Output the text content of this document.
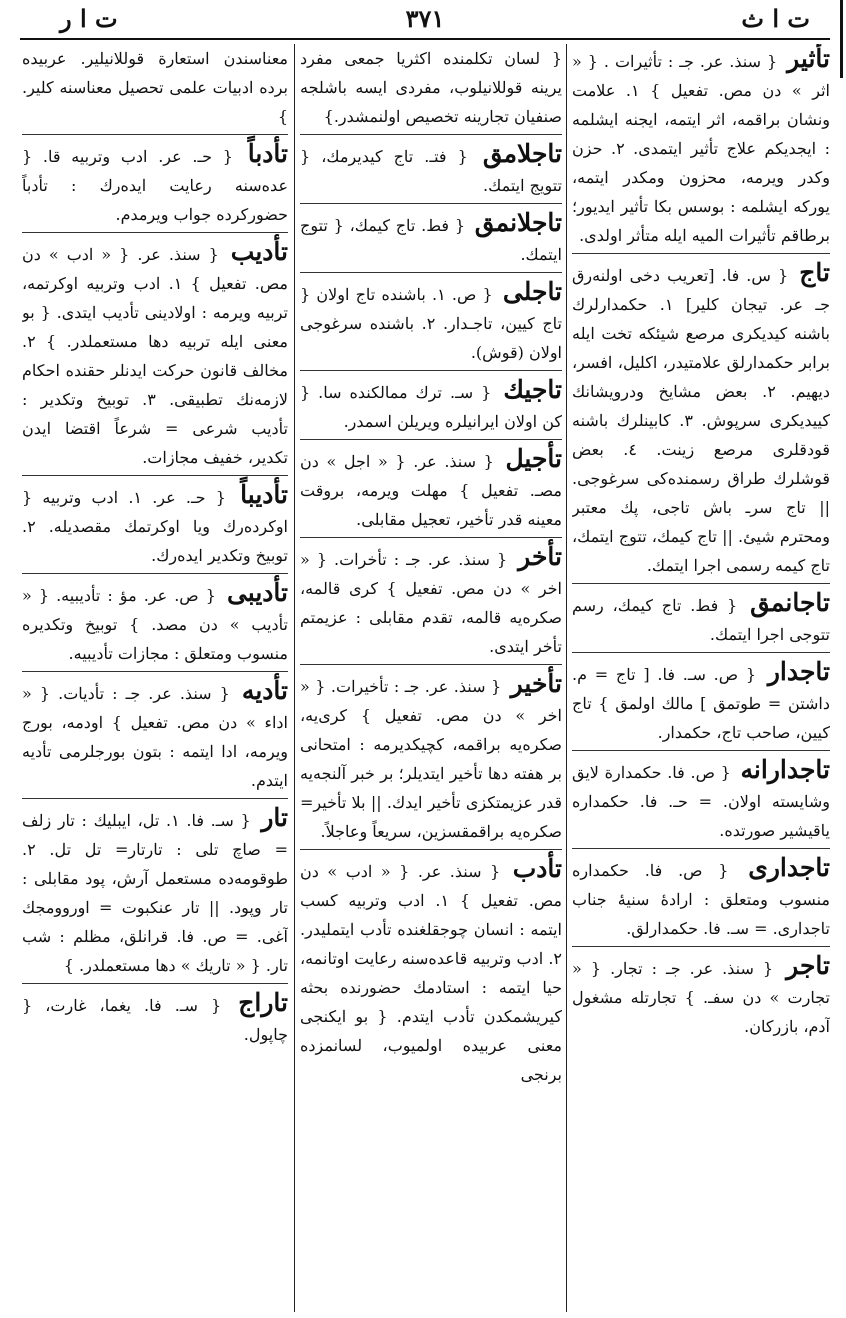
ت ا ث
٣٧١
ت ا ر
تأثير { سنذ. عر. جـ : تأثيرات . { « اثر » دن مص. تفعيل } ١. علامت ونشان براقمه، اثر ايتمه، ايجنه ايشلمه : ايجديكم علاج تأثير ايتمدى. ٢. حزن وكدر ويرمه، محزون ومكدر ايتمه، يوركه ايشلمه : بوسس بكا تأثير ايديور؛ برطاقم تأثيرات الميه ايله متأثر اولدى.
تاج { س. فا. [تعريب دخى اولنه‌رق جـ عر. تيجان كلير] ١. حكمدارلرك باشنه كيديكرى مرصع شيئكه تخت ايله برابر حكمدارلق علامتيدر، اكليل، افسر، ديهيم. ٢. بعض مشايخ ودرويشانك كييديكرى سرپوش. ٣. كابينلرك باشنه قودقلرى مرصع زينت. ٤. بعض قوشلرك طراق رسمنده‌كى سرغوجى. || تاج سرـ باش تاجى، پك معتبر ومحترم شيئ. || تاج كيمك، تتوج ايتمك، تاج كيمه رسمى اجرا ايتمك.
تاجانمق { فط. تاج كيمك، رسم تتوجى اجرا ايتمك.
تاجدار { ص. سـ. فا. [ تاج = م. داشتن = طوتمق ] مالك اولمق } تاج كيين، صاحب تاج، حكمدار.
تاجدارانه { ص. فا. حكمدارة لايق وشايسته اولان. = حـ. فا. حكمداره ياقيشير صورتده.
تاجدارى { ص. فا. حكمداره منسوب ومتعلق : ارادهٔ سنيهٔ جناب تاجدارى. = سـ. فا. حكمدارلق.
تاجر { سنذ. عر. جـ : تجار. { « تجارت » دن سفـ. } تجارتله مشغول آدم، بازركان.
{ لسان تكلمنده اكثريا جمعى مفرد يرينه قوللانيلوب، مفردى ايسه باشلجه صنفيان تجارينه تخصيص اولنمشدر.}
تاجلامق { فتـ. تاج كيديرمك، { تتويج ايتمك.
تاجلانمق { فط. تاج كيمك، { تتوج ايتمك.
تاجلى { ص. ١. باشنده تاج اولان { تاج كيين، تاجـدار. ٢. باشنده سرغوجى اولان (قوش).
تاجيك { سـ. ترك ممالكنده سا. { كن اولان ايرانيلره ويريلن اسمدر.
تأجيل { سنذ. عر. { « اجل » دن مصـ. تفعيل } مهلت ويرمه، بروقت معينه قدر تأخير، تعجيل مقابلى.
تأخر { سنذ. عر. جـ : تأخرات. { « اخر » دن مص. تفعيل } كرى قالمه، صكره‌يه قالمه، تقدم مقابلى : عزيمتم تأخر ايتدى.
تأخير { سنذ. عر. جـ : تأخيرات. { « اخر » دن مص. تفعيل } كرى‌يه، صكره‌يه براقمه، كچيكديرمه : امتحانى بر هفته دها تأخير ايتديلر؛ بر خبر آلنجه‌يه قدر عزيمتكزى تأخير ايدك. || بلا تأخير= صكره‌يه براقمقسزين، سريعاً وعاجلاً.
تأدب { سنذ. عر. { « ادب » دن مص. تفعيل } ١. ادب وتربيه كسب ايتمه : انسان چوجقلغنده تأدب ايتمليدر. ٢. ادب وتربيه قاعده‌سنه رعايت اوتانمه، حيا ايتمه : استادمك حضورنده بحثه كيريشمكدن تأدب ايتدم. { بو ايكنجى معنى عربيده اولميوب، لسانمزده برنجى
معناسندن استعارة قوللانيلير. عربيده برده ادبيات علمى تحصيل معناسنه كلير. }
تأدباً { حـ. عر. ادب وتربيه قا. { عده‌سنه رعايت ايده‌رك : تأدباً حضوركرده جواب ويرمدم.
تأديب { سنذ. عر. { « ادب » دن مص. تفعيل } ١. ادب وتربيه اوكرتمه، تربيه ويرمه : اولادينى تأديب ايتدى. { بو معنى ايله تربيه دها مستعملدر. } ٢. مخالف قانون حركت ايدنلر حقنده احكام لازمه‌نك تطبيقى. ٣. توبيخ وتكدير : تأديب شرعى = شرعاً اقتضا ايدن تكدير، خفيف مجازات.
تأديباً { حـ. عر. ١. ادب وتربيه { اوكرده‌رك ويا اوكرتمك مقصديله. ٢. توبيخ وتكدير ايده‌رك.
تأديبى { ص. عر. مؤ : تأديبيه. { « تأديب » دن مصد. } توبيخ وتكديره منسوب ومتعلق : مجازات تأديبيه.
تأديه { سنذ. عر. جـ : تأديات. { « اداء » دن مص. تفعيل } اودمه، بورج ويرمه، ادا ايتمه : بتون بورجلرمى تأديه ايتدم.
تار { سـ. فا. ١. تل، ايبليك : تار زلف = صاچ تلى : تارتار= تل تل. ٢. طوقومه‌ده مستعمل آرش، پود مقابلى : تار وپود. || تار عنكبوت = اوروومجك آغى. = ص. فا. قرانلق، مظلم : شب تار. { « تاريك » دها مستعملدر. }
تاراج { سـ. فا. يغما، غارت، { چاپول.
